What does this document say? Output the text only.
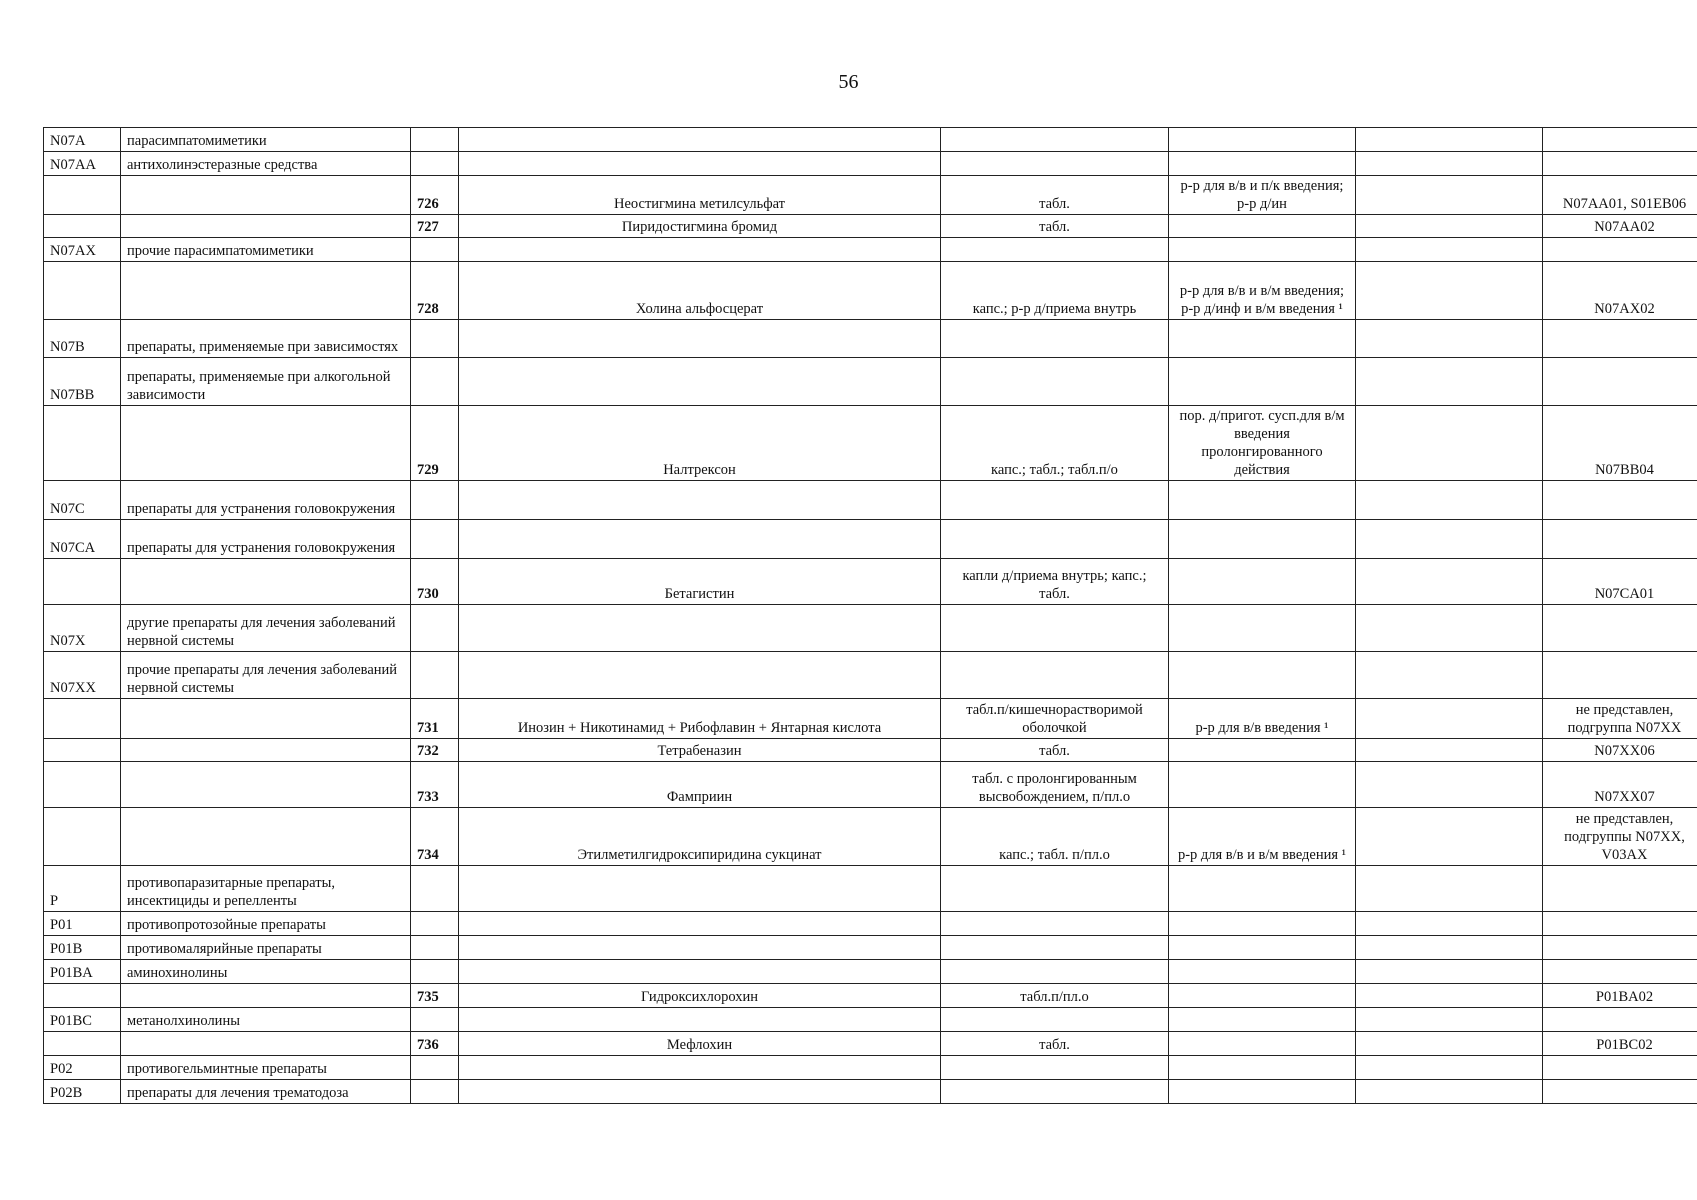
56
N07A	парасимпатомиметики						
N07AA	антихолинэстеразные средства						
		726	Неостигмина метилсульфат	табл.	р-р для в/в и п/к введения; р-р д/ин		N07AA01, S01EB06
		727	Пиридостигмина бромид	табл.			N07AA02
N07AX	прочие парасимпатомиметики						
		728	Холина альфосцерат	капс.; р-р д/приема внутрь	р-р для в/в и в/м введения; р-р д/инф и в/м введения ¹		N07AX02
N07B	препараты, применяемые при зависимостях						
N07BB	препараты, применяемые при алкогольной зависимости						
		729	Налтрексон	капс.; табл.; табл.п/о	пор. д/пригот. сусп.для в/м введения пролонгированного действия		N07BB04
N07C	препараты для устранения головокружения						
N07CA	препараты для устранения головокружения						
		730	Бетагистин	капли д/приема внутрь; капс.; табл.			N07CA01
N07X	другие препараты для лечения заболеваний нервной системы						
N07XX	прочие препараты для лечения заболеваний нервной системы						
		731	Инозин + Никотинамид + Рибофлавин + Янтарная кислота	табл.п/кишечнорастворимой оболочкой	р-р для в/в введения ¹		не представлен, подгруппа N07XX
		732	Тетрабеназин	табл.			N07XX06
		733	Фамприин	табл. с пролонгированным высвобождением, п/пл.о			N07XX07
		734	Этилметилгидроксипиридина сукцинат	капс.; табл. п/пл.о	р-р для в/в и в/м введения ¹		не представлен, подгруппы N07XX, V03AX
P	противопаразитарные препараты, инсектициды и репелленты						
P01	противопротозойные препараты						
P01B	противомалярийные препараты						
P01BA	аминохинолины						
		735	Гидроксихлорохин	табл.п/пл.о			P01BA02
P01BC	метанолхинолины						
		736	Мефлохин	табл.			P01BC02
P02	противогельминтные препараты						
P02B	препараты для лечения трематодоза						
